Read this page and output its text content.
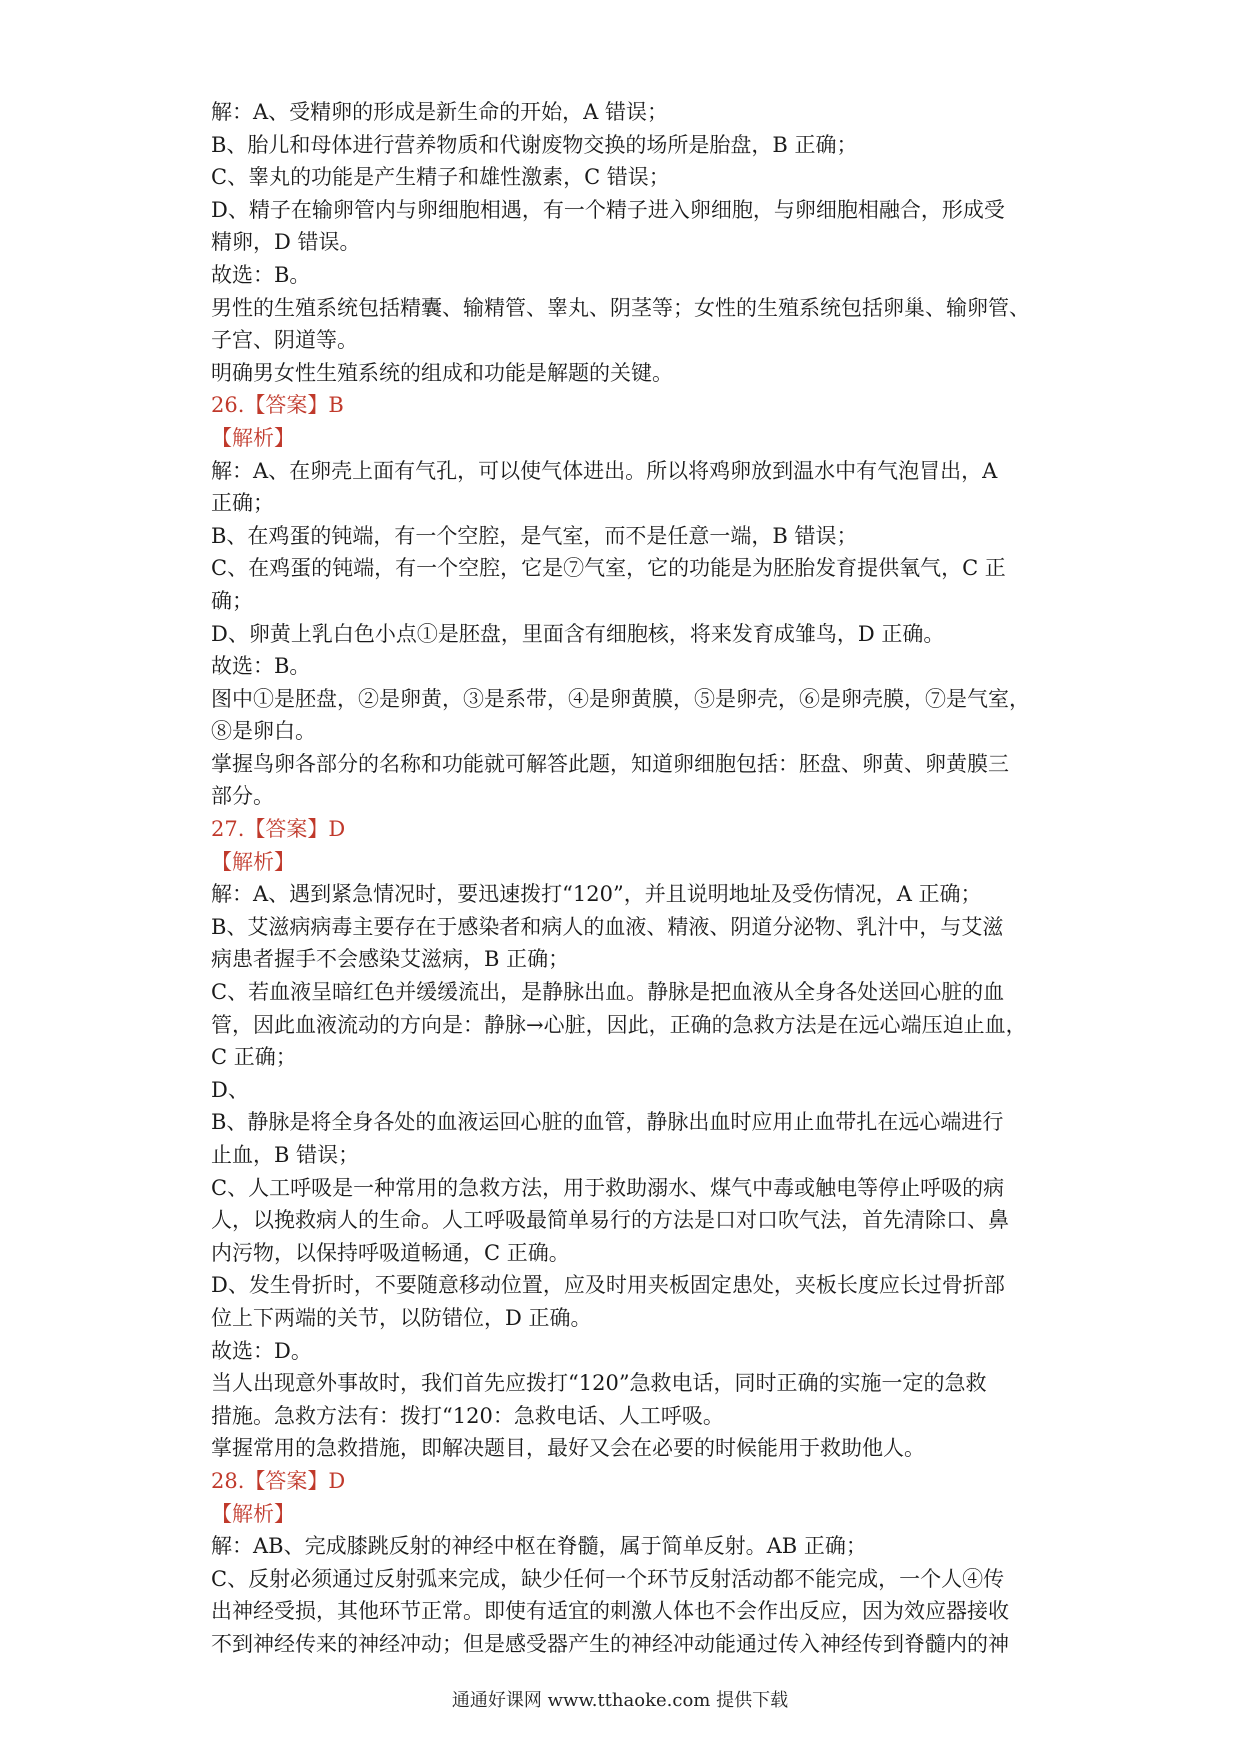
解：A、受精卵的形成是新生命的开始，A 错误；
B、胎儿和母体进行营养物质和代谢废物交换的场所是胎盘，B 正确；
C、睾丸的功能是产生精子和雄性激素，C 错误；
D、精子在输卵管内与卵细胞相遇，有一个精子进入卵细胞，与卵细胞相融合，形成受
精卵，D 错误。
故选：B。
男性的生殖系统包括精囊、输精管、睾丸、阴茎等；女性的生殖系统包括卵巢、输卵管、
子宫、阴道等。
明确男女性生殖系统的组成和功能是解题的关键。
26.【答案】B
【解析】
解：A、在卵壳上面有气孔，可以使气体进出。所以将鸡卵放到温水中有气泡冒出，A
正确；
B、在鸡蛋的钝端，有一个空腔，是气室，而不是任意一端，B 错误；
C、在鸡蛋的钝端，有一个空腔，它是⑦气室，它的功能是为胚胎发育提供氧气，C 正
确；
D、卵黄上乳白色小点①是胚盘，里面含有细胞核，将来发育成雏鸟，D 正确。
故选：B。
图中①是胚盘，②是卵黄，③是系带，④是卵黄膜，⑤是卵壳，⑥是卵壳膜，⑦是气室，
⑧是卵白。
掌握鸟卵各部分的名称和功能就可解答此题，知道卵细胞包括：胚盘、卵黄、卵黄膜三
部分。
27.【答案】D
【解析】
解：A、遇到紧急情况时，要迅速拨打“120”，并且说明地址及受伤情况，A 正确；
B、艾滋病病毒主要存在于感染者和病人的血液、精液、阴道分泌物、乳汁中，与艾滋
病患者握手不会感染艾滋病，B 正确；
C、若血液呈暗红色并缓缓流出，是静脉出血。静脉是把血液从全身各处送回心脏的血
管，因此血液流动的方向是：静脉→心脏，因此，正确的急救方法是在远心端压迫止血，
C 正确；
D、
B、静脉是将全身各处的血液运回心脏的血管，静脉出血时应用止血带扎在远心端进行
止血，B 错误；
C、人工呼吸是一种常用的急救方法，用于救助溺水、煤气中毒或触电等停止呼吸的病
人，以挽救病人的生命。人工呼吸最简单易行的方法是口对口吹气法，首先清除口、鼻
内污物，以保持呼吸道畅通，C 正确。
D、发生骨折时，不要随意移动位置，应及时用夹板固定患处，夹板长度应长过骨折部
位上下两端的关节，以防错位，D 正确。
故选：D。
当人出现意外事故时，我们首先应拨打“120”急救电话，同时正确的实施一定的急救
措施。急救方法有：拨打“120：急救电话、人工呼吸。
掌握常用的急救措施，即解决题目，最好又会在必要的时候能用于救助他人。
28.【答案】D
【解析】
解：AB、完成膝跳反射的神经中枢在脊髓，属于简单反射。AB 正确；
C、反射必须通过反射弧来完成，缺少任何一个环节反射活动都不能完成，一个人④传
出神经受损，其他环节正常。即使有适宜的刺激人体也不会作出反应，因为效应器接收
不到神经传来的神经冲动；但是感受器产生的神经冲动能通过传入神经传到脊髓内的神
通通好课网 www.tthaoke.com 提供下载
